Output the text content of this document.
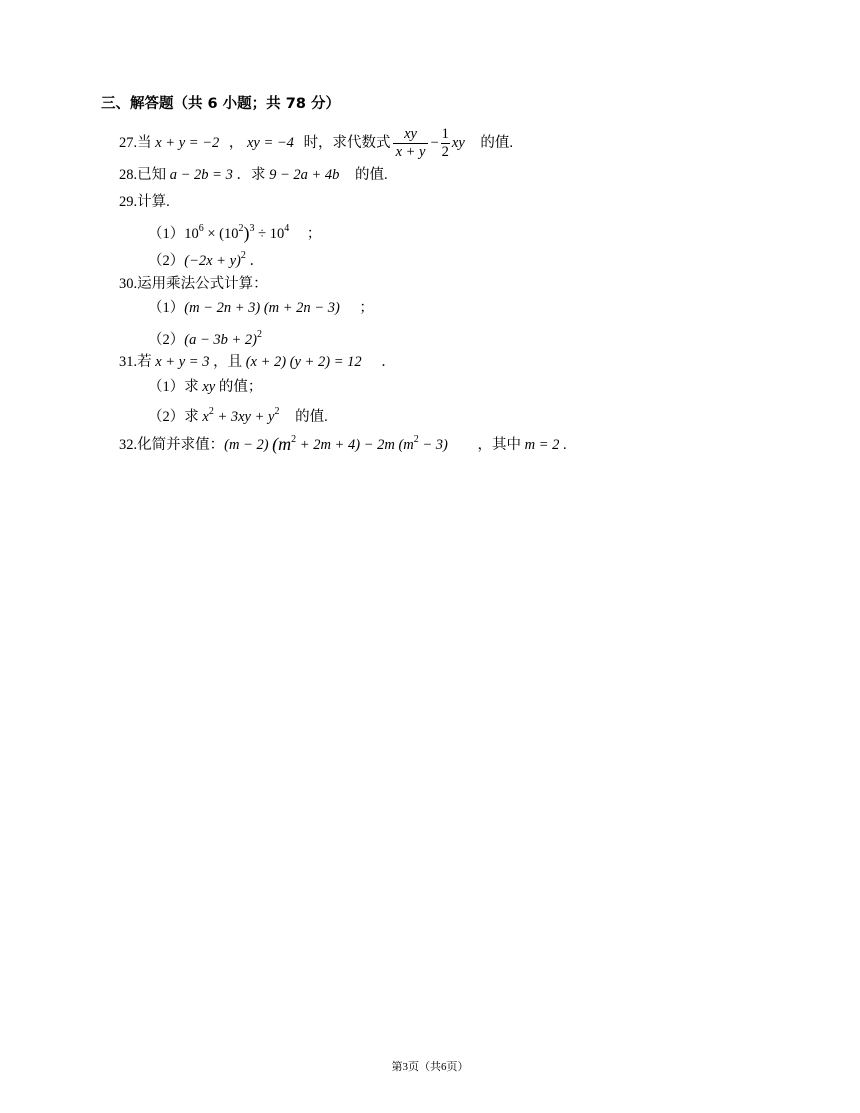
三、解答题（共 6 小题；共 78 分）
27.当 x + y = −2 ， xy = −4 时，求代数式 $\frac{xy}{x + y} - \frac{1}{2}$ xy 的值.
28.已知 a − 2b = 3 ．求 9 − 2a + 4b 的值.
29.计算.
$(1)10^6 \times (10^2)^3 \div 10^4$ ；
$(2)(-2x + y)^2$ ．
30.运用乘法公式计算：
（1）(m − 2n + 3) (m + 2n − 3) ；
$(2)(a - 3b + 2)^2$
31.若 x + y = 3 ，且 (x + 2) (y + 2) = 12 ．
（1）求 xy 的值；
（2）求 $x^2 + 3xy + y^2$ 的值.
32.化简并求值：(m − 2) $(m^2 + 2m + 4) - 2m$ $(m^2 - 3)$ ，其中 m = 2 .
第3页（共6页）
